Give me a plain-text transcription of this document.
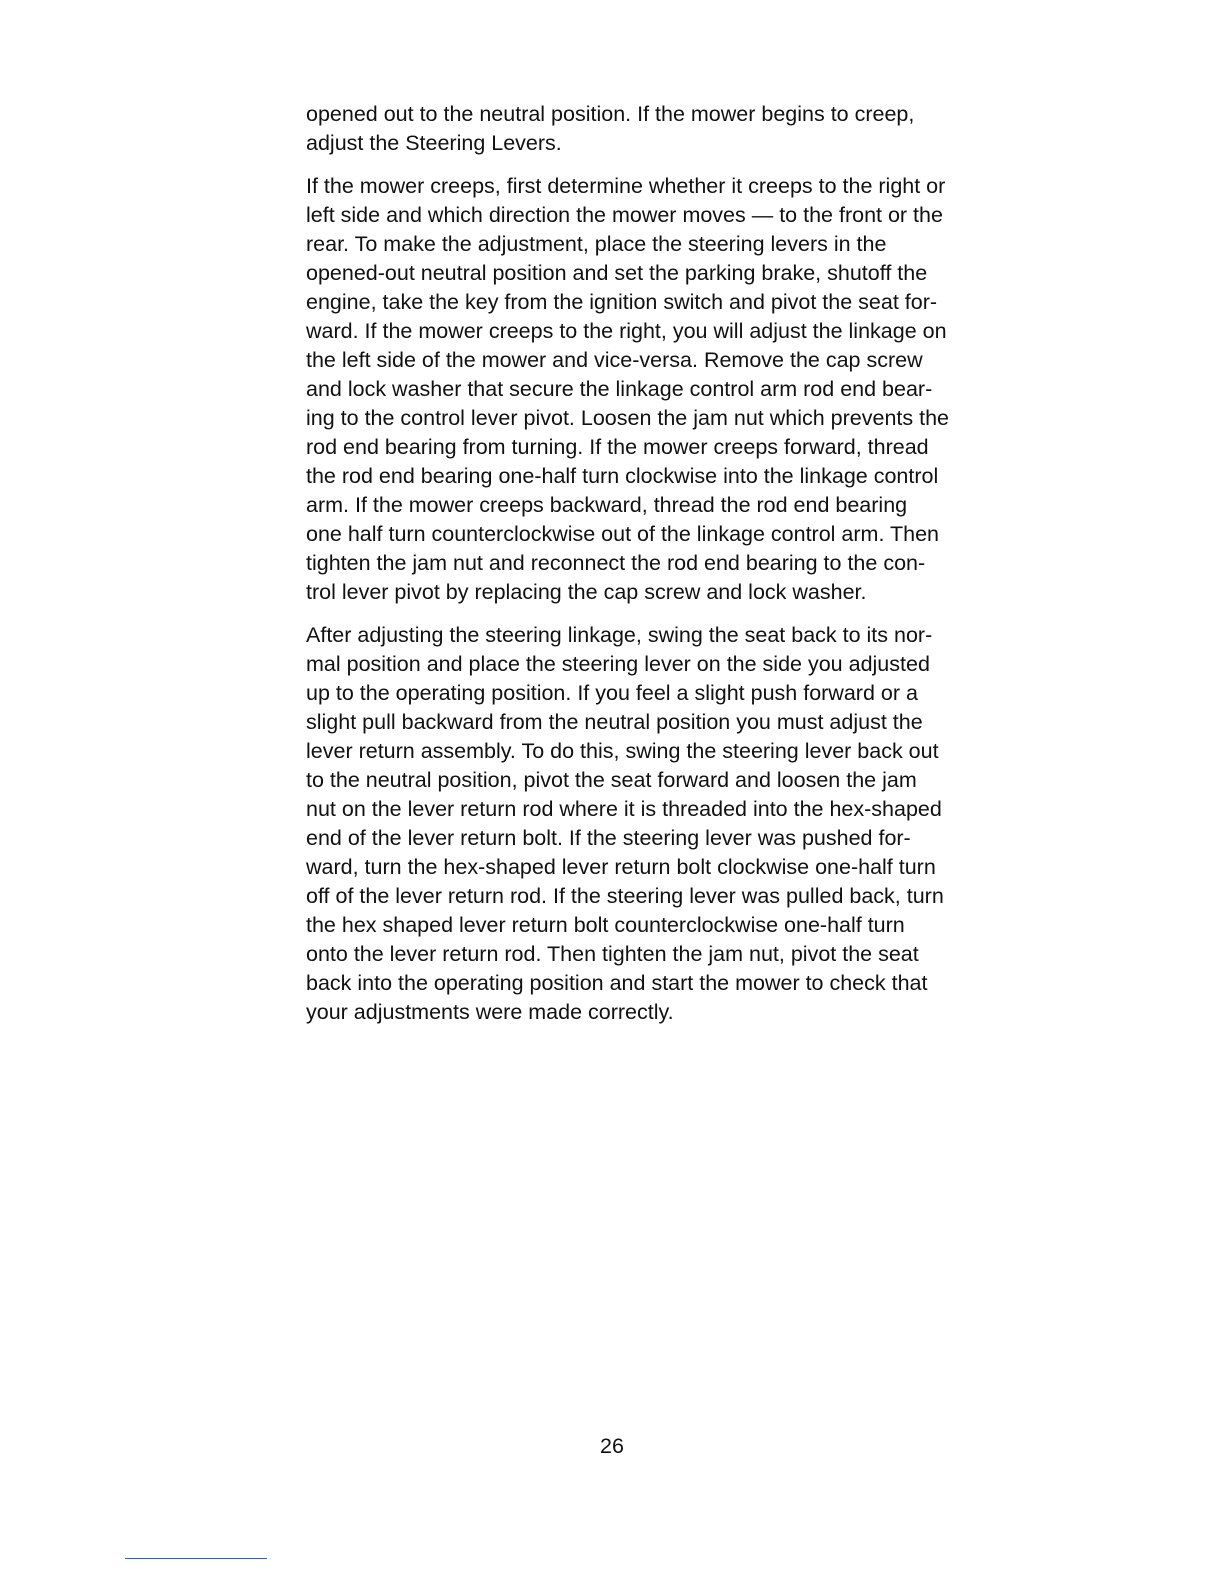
opened out to the neutral position. If the mower begins to creep,
adjust the Steering Levers.

If the mower creeps, first determine whether it creeps to the right or
left side and which direction the mower moves — to the front or the
rear. To make the adjustment, place the steering levers in the
opened-out neutral position and set the parking brake, shutoff the
engine, take the key from the ignition switch and pivot the seat for-
ward. If the mower creeps to the right, you will adjust the linkage on
the left side of the mower and vice-versa. Remove the cap screw
and lock washer that secure the linkage control arm rod end bear-
ing to the control lever pivot. Loosen the jam nut which prevents the
rod end bearing from turning. If the mower creeps forward, thread
the rod end bearing one-half turn clockwise into the linkage control
arm. If the mower creeps backward, thread the rod end bearing
one half turn counterclockwise out of the linkage control arm. Then
tighten the jam nut and reconnect the rod end bearing to the con-
trol lever pivot by replacing the cap screw and lock washer.

After adjusting the steering linkage, swing the seat back to its nor-
mal position and place the steering lever on the side you adjusted
up to the operating position. If you feel a slight push forward or a
slight pull backward from the neutral position you must adjust the
lever return assembly. To do this, swing the steering lever back out
to the neutral position, pivot the seat forward and loosen the jam
nut on the lever return rod where it is threaded into the hex-shaped
end of the lever return bolt. If the steering lever was pushed for-
ward, turn the hex-shaped lever return bolt clockwise one-half turn
off of the lever return rod. If the steering lever was pulled back, turn
the hex shaped lever return bolt counterclockwise one-half turn
onto the lever return rod. Then tighten the jam nut, pivot the seat
back into the operating position and start the mower to check that
your adjustments were made correctly.

26
